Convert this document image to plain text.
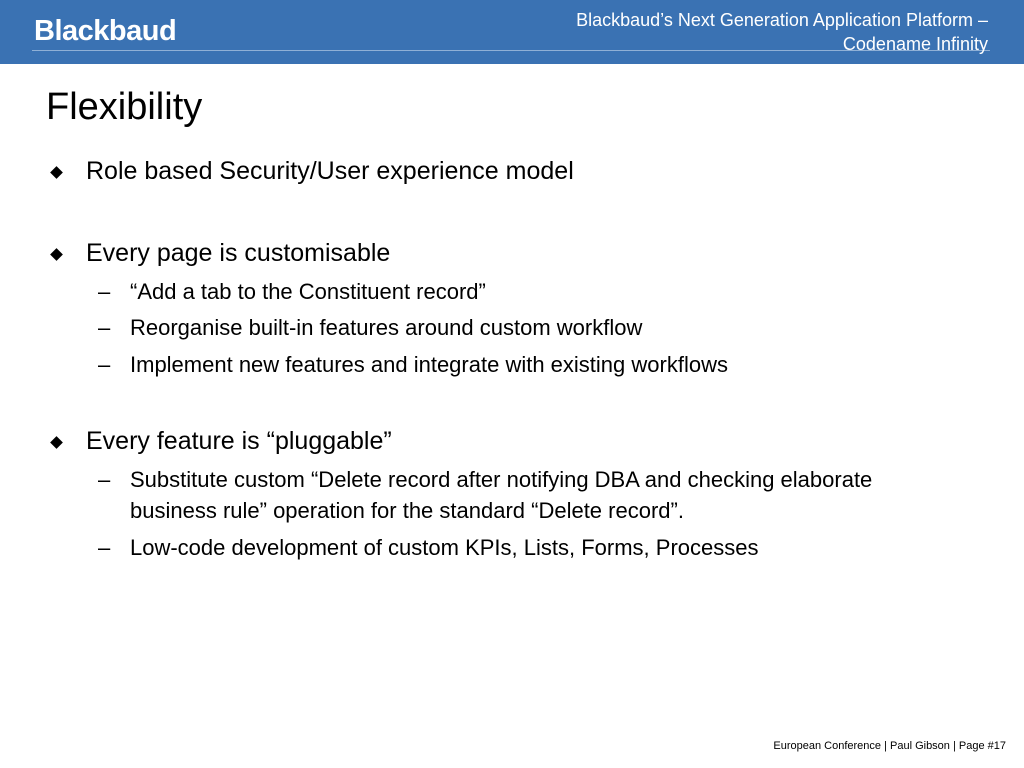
Blackbaud	Blackbaud’s Next Generation Application Platform –
Codename Infinity
Flexibility
Role based Security/User experience model
Every page is customisable
– “Add a tab to the Constituent record”
– Reorganise built-in features around custom workflow
– Implement new features and integrate with existing workflows
Every feature is “pluggable”
– Substitute custom “Delete record after notifying DBA and checking elaborate business rule” operation for the standard “Delete record”.
– Low-code development of custom KPIs, Lists, Forms, Processes
European Conference | Paul Gibson | Page #17
